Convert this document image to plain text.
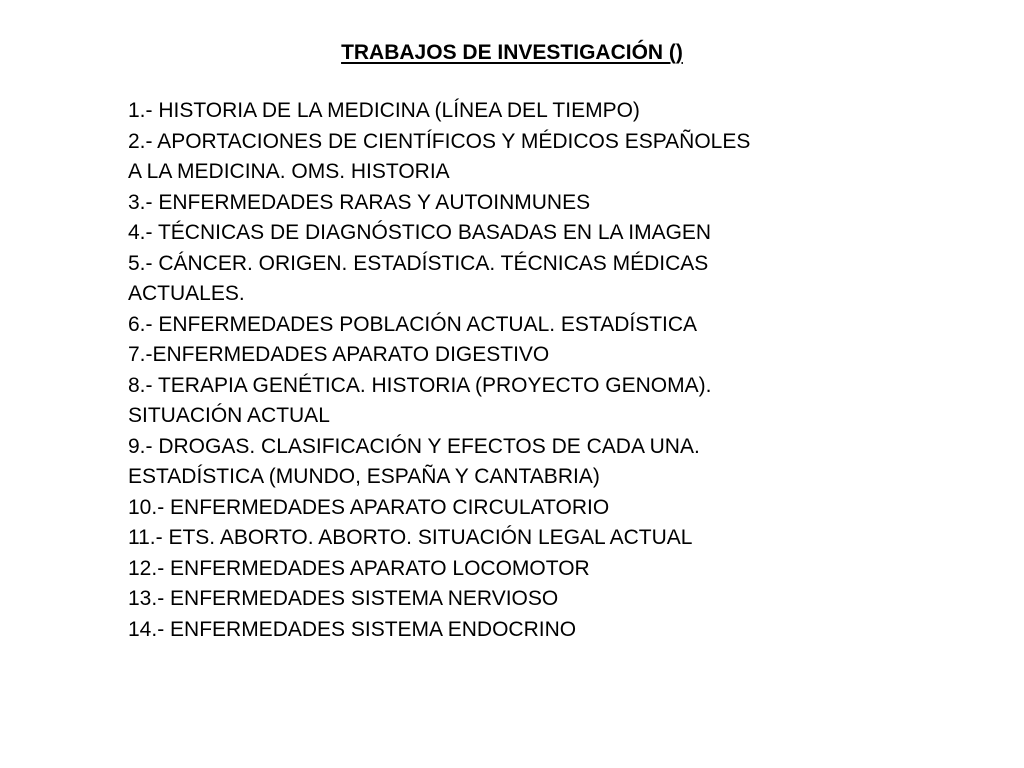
TRABAJOS DE INVESTIGACIÓN ()
1.- HISTORIA DE LA MEDICINA (LÍNEA DEL TIEMPO)
2.- APORTACIONES DE CIENTÍFICOS Y MÉDICOS ESPAÑOLES
A LA MEDICINA. OMS. HISTORIA
3.- ENFERMEDADES RARAS Y AUTOINMUNES
4.- TÉCNICAS DE DIAGNÓSTICO BASADAS EN LA IMAGEN
5.- CÁNCER. ORIGEN. ESTADÍSTICA. TÉCNICAS MÉDICAS
ACTUALES.
6.- ENFERMEDADES POBLACIÓN ACTUAL. ESTADÍSTICA
7.-ENFERMEDADES APARATO DIGESTIVO
8.- TERAPIA GENÉTICA. HISTORIA (PROYECTO GENOMA).
SITUACIÓN ACTUAL
9.- DROGAS. CLASIFICACIÓN Y EFECTOS DE CADA UNA.
ESTADÍSTICA (MUNDO, ESPAÑA Y CANTABRIA)
10.- ENFERMEDADES APARATO CIRCULATORIO
11.- ETS. ABORTO. ABORTO. SITUACIÓN LEGAL ACTUAL
12.- ENFERMEDADES APARATO LOCOMOTOR
13.- ENFERMEDADES SISTEMA NERVIOSO
14.- ENFERMEDADES SISTEMA ENDOCRINO
